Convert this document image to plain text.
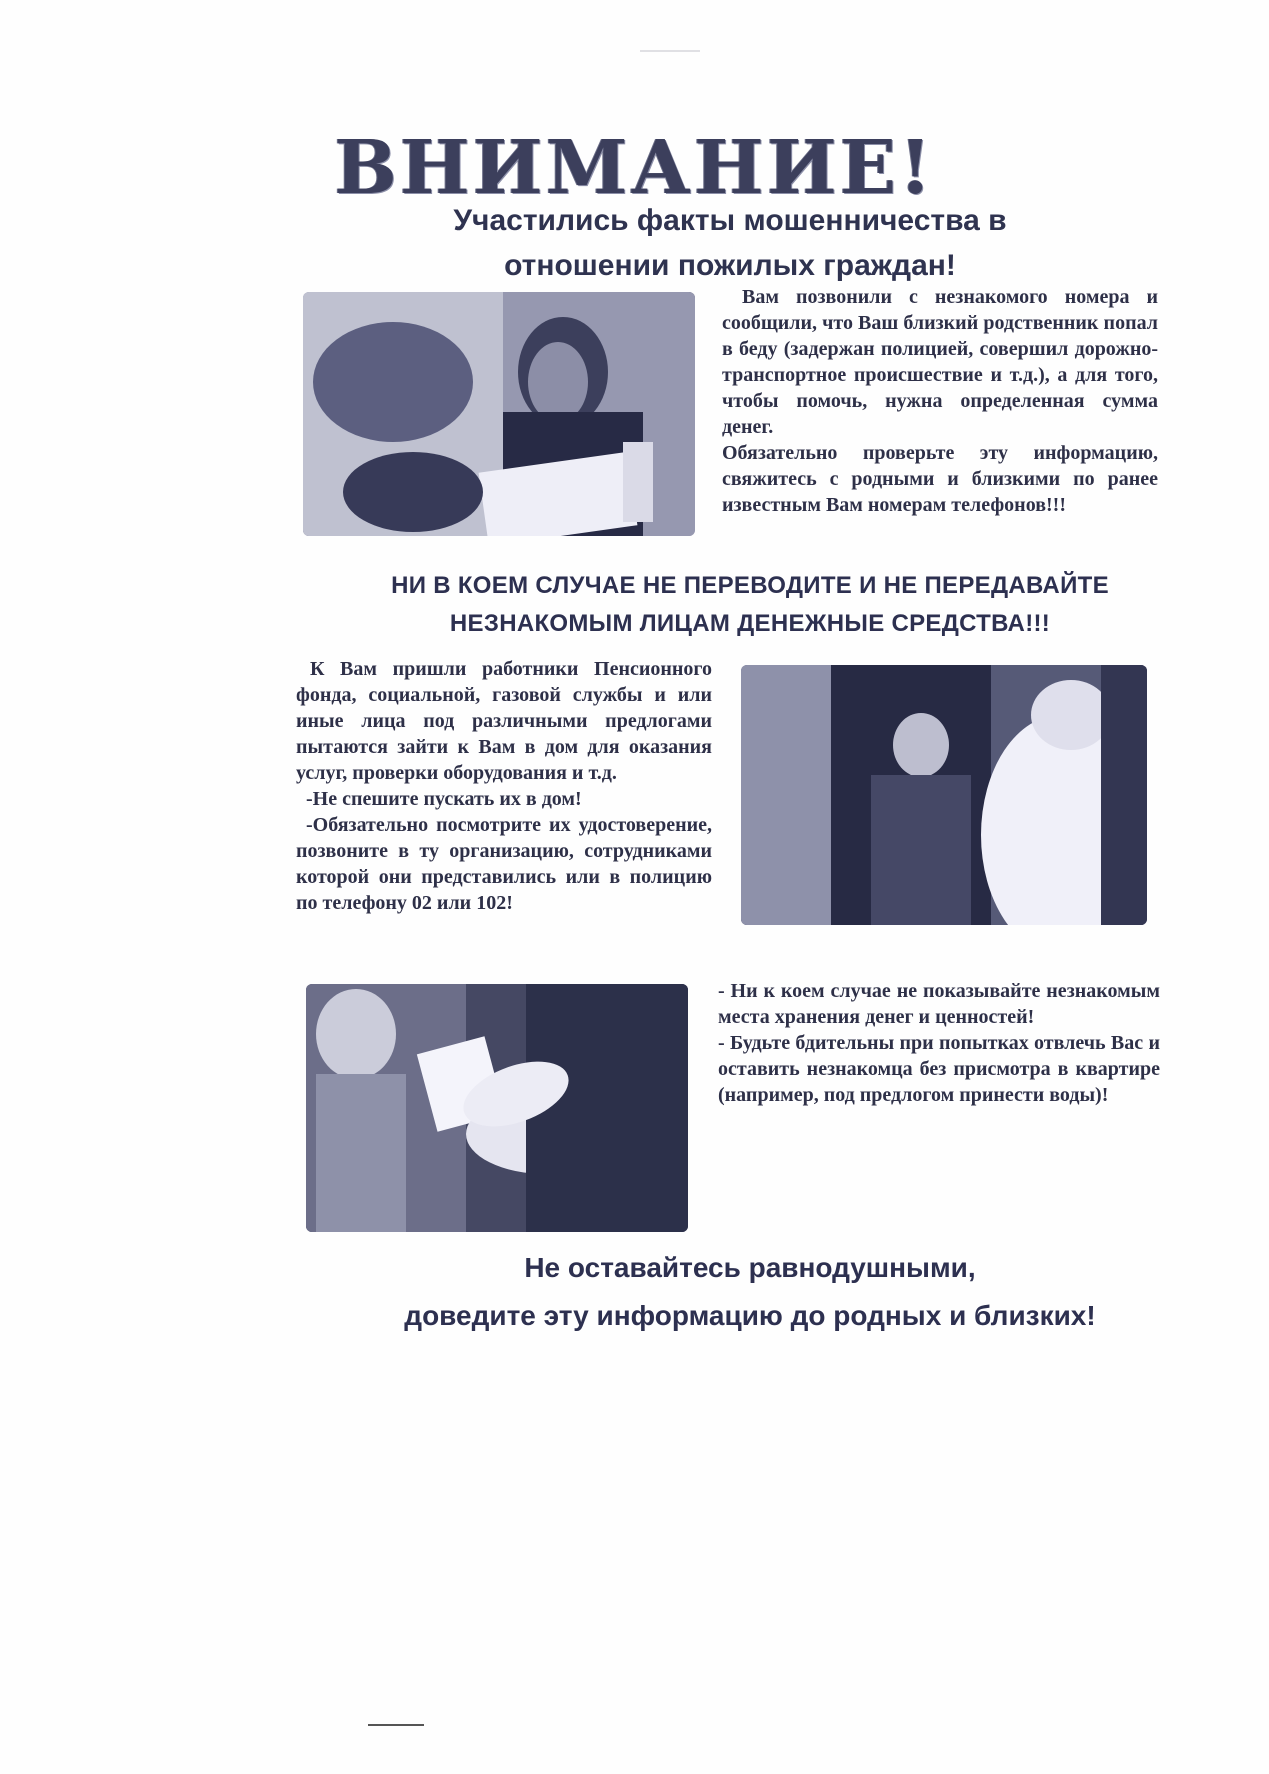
ВНИМАНИЕ!
Участились факты мошенничества в
отношении пожилых граждан!

Вам позвонили с незнакомого номера и сообщили, что Ваш близкий родственник попал в беду (задержан полицией, совершил дорожно-транспортное происшествие и т.д.), а для того, чтобы помочь, нужна определенная сумма денег.

Обязательно проверьте эту информацию, свяжитесь с родными и близкими по ранее известным Вам номерам телефонов!!!

НИ В КОЕМ СЛУЧАЕ НЕ ПЕРЕВОДИТЕ И НЕ ПЕРЕДАВАЙТЕ
НЕЗНАКОМЫМ ЛИЦАМ ДЕНЕЖНЫЕ СРЕДСТВА!!!

К Вам пришли работники Пенсионного фонда, социальной, газовой службы и или иные лица под различными предлогами пытаются зайти к Вам в дом для оказания услуг, проверки оборудования и т.д.

-Не спешите пускать их в дом!

-Обязательно посмотрите их удостоверение, позвоните в ту организацию, сотрудниками которой они представились или в полицию по телефону 02 или 102!

- Ни к коем случае не показывайте незнакомым места хранения денег и ценностей!

- Будьте бдительны при попытках отвлечь Вас и оставить незнакомца без присмотра в квартире (например, под предлогом принести воды)!

Не оставайтесь равнодушными,
доведите эту информацию до родных и близких!
